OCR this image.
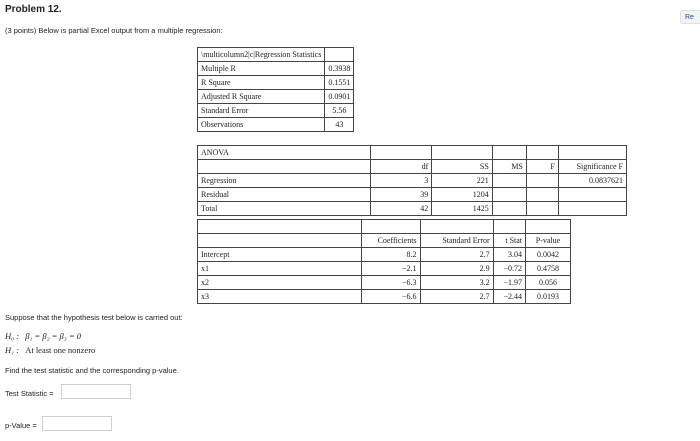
Problem 12.
(3 points) Below is partial Excel output from a multiple regression:
Re
\multicolumn2|c|Regression Statistics	
Multiple R	0.3938
R Square	0.1551
Adjusted R Square	0.0901
Standard Error	5.56
Observations	43
ANOVA					
	df	SS	MS	F	Significance F
Regression	3	221			0.0837621
Residual	39	1204			
Total	42	1425			

	Coefficients	Standard Error	t Stat	P-value
Intercept	8.2	2.7	3.04	0.0042
x1	−2.1	2.9	−0.72	0.4758
x2	−6.3	3.2	−1.97	0.056
x3	−6.6	2.7	−2.44	0.0193
Suppose that the hypothesis test below is carried out:
H₀ : β₁ = β₂ = β₃ = 0
H₁ : At least one nonzero
Find the test statistic and the corresponding p-value.
Test Statistic =
p-Value =
